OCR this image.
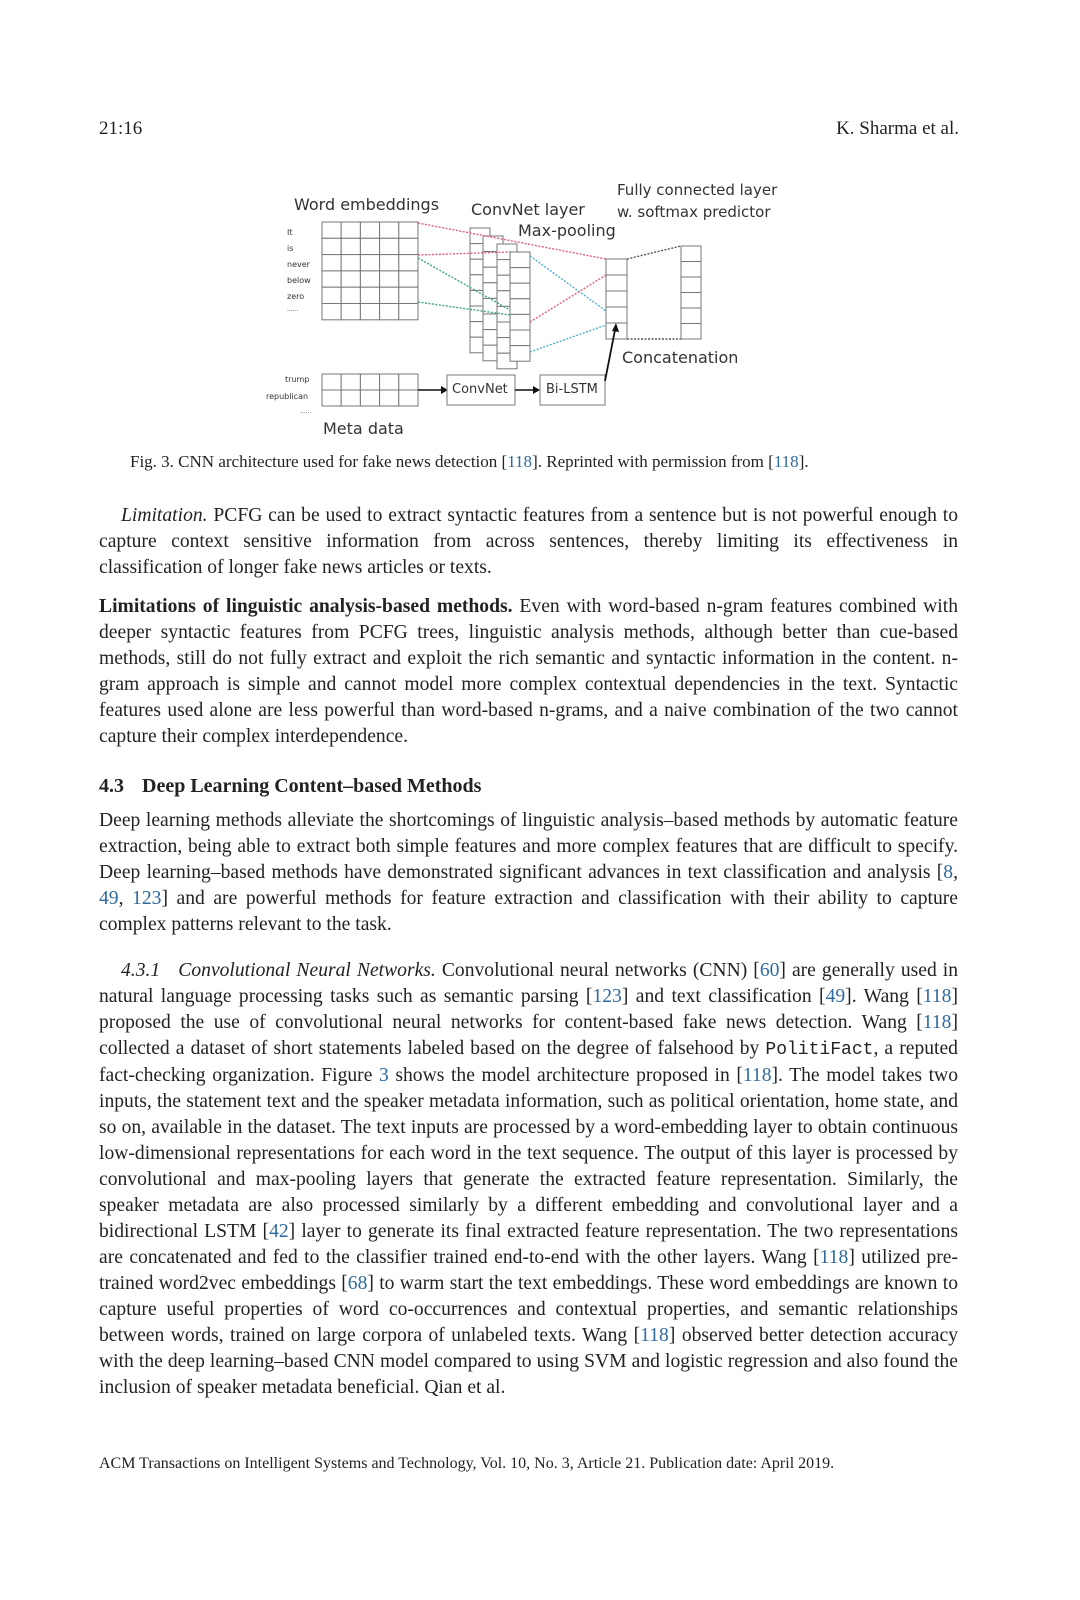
21:16	K. Sharma et al.
Word embeddings ConvNet layer
Max-pooling
Fully connected layer
w. softmax predictor
Concatenation
Meta data
ConvNet	Bi-LSTM
It
is
never
below
zero
......
trump
republican
......
Fig. 3. CNN architecture used for fake news detection [118]. Reprinted with permission from [118].

Limitation. PCFG can be used to extract syntactic features from a sentence but is not powerful enough to capture context sensitive information from across sentences, thereby limiting its effectiveness in classification of longer fake news articles or texts.

Limitations of linguistic analysis-based methods. Even with word-based n-gram features combined with deeper syntactic features from PCFG trees, linguistic analysis methods, although better than cue-based methods, still do not fully extract and exploit the rich semantic and syntactic information in the content. n-gram approach is simple and cannot model more complex contextual dependencies in the text. Syntactic features used alone are less powerful than word-based n-grams, and a naive combination of the two cannot capture their complex interdependence.

4.3 Deep Learning Content–based Methods

Deep learning methods alleviate the shortcomings of linguistic analysis–based methods by automatic feature extraction, being able to extract both simple features and more complex features that are difficult to specify. Deep learning–based methods have demonstrated significant advances in text classification and analysis [8, 49, 123] and are powerful methods for feature extraction and classification with their ability to capture complex patterns relevant to the task.

4.3.1 Convolutional Neural Networks. Convolutional neural networks (CNN) [60] are generally used in natural language processing tasks such as semantic parsing [123] and text classification [49]. Wang [118] proposed the use of convolutional neural networks for content-based fake news detection. Wang [118] collected a dataset of short statements labeled based on the degree of falsehood by PolitiFact, a reputed fact-checking organization. Figure 3 shows the model architecture proposed in [118]. The model takes two inputs, the statement text and the speaker metadata information, such as political orientation, home state, and so on, available in the dataset. The text inputs are processed by a word-embedding layer to obtain continuous low-dimensional representations for each word in the text sequence. The output of this layer is processed by convolutional and max-pooling layers that generate the extracted feature representation. Similarly, the speaker metadata are also processed similarly by a different embedding and convolutional layer and a bidirectional LSTM [42] layer to generate its final extracted feature representation. The two representations are concatenated and fed to the classifier trained end-to-end with the other layers. Wang [118] utilized pre-trained word2vec embeddings [68] to warm start the text embeddings. These word embeddings are known to capture useful properties of word co-occurrences and contextual properties, and semantic relationships between words, trained on large corpora of unlabeled texts. Wang [118] observed better detection accuracy with the deep learning–based CNN model compared to using SVM and logistic regression and also found the inclusion of speaker metadata beneficial. Qian et al.

ACM Transactions on Intelligent Systems and Technology, Vol. 10, No. 3, Article 21. Publication date: April 2019.
